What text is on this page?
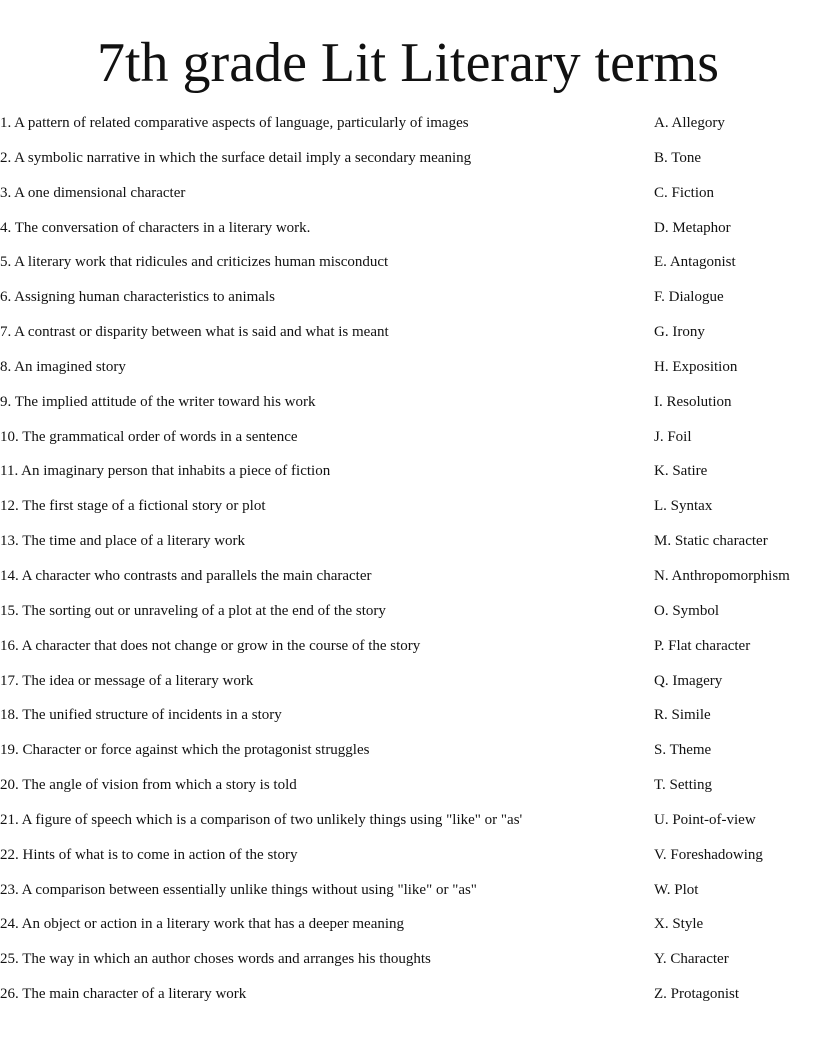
7th grade Lit Literary terms
1. A pattern of related comparative aspects of language, particularly of images	A. Allegory
2. A symbolic narrative in which the surface detail imply a secondary meaning	B. Tone
3. A one dimensional character	C. Fiction
4. The conversation of characters in a literary work.	D. Metaphor
5. A literary work that ridicules and criticizes human misconduct	E. Antagonist
6. Assigning human characteristics to animals	F. Dialogue
7. A contrast or disparity between what is said and what is meant	G. Irony
8. An imagined story	H. Exposition
9. The implied attitude of the writer toward his work	I. Resolution
10. The grammatical order of words in a sentence	J. Foil
11. An imaginary person that inhabits a piece of fiction	K. Satire
12. The first stage of a fictional story or plot	L. Syntax
13. The time and place of a literary work	M. Static character
14. A character who contrasts and parallels the main character	N. Anthropomorphism
15. The sorting out or unraveling of a plot at the end of the story	O. Symbol
16. A character that does not change or grow in the course of the story	P. Flat character
17. The idea or message of a literary work	Q. Imagery
18. The unified structure of incidents in a story	R. Simile
19. Character or force against which the protagonist struggles	S. Theme
20. The angle of vision from which a story is told	T. Setting
21. A figure of speech which is a comparison of two unlikely things using "like" or "as'	U. Point-of-view
22. Hints of what is to come in action of the story	V. Foreshadowing
23. A comparison between essentially unlike things without using "like" or "as"	W. Plot
24. An object or action in a literary work that has a deeper meaning	X. Style
25. The way in which an author choses words and arranges his thoughts	Y. Character
26. The main character of a literary work	Z. Protagonist
